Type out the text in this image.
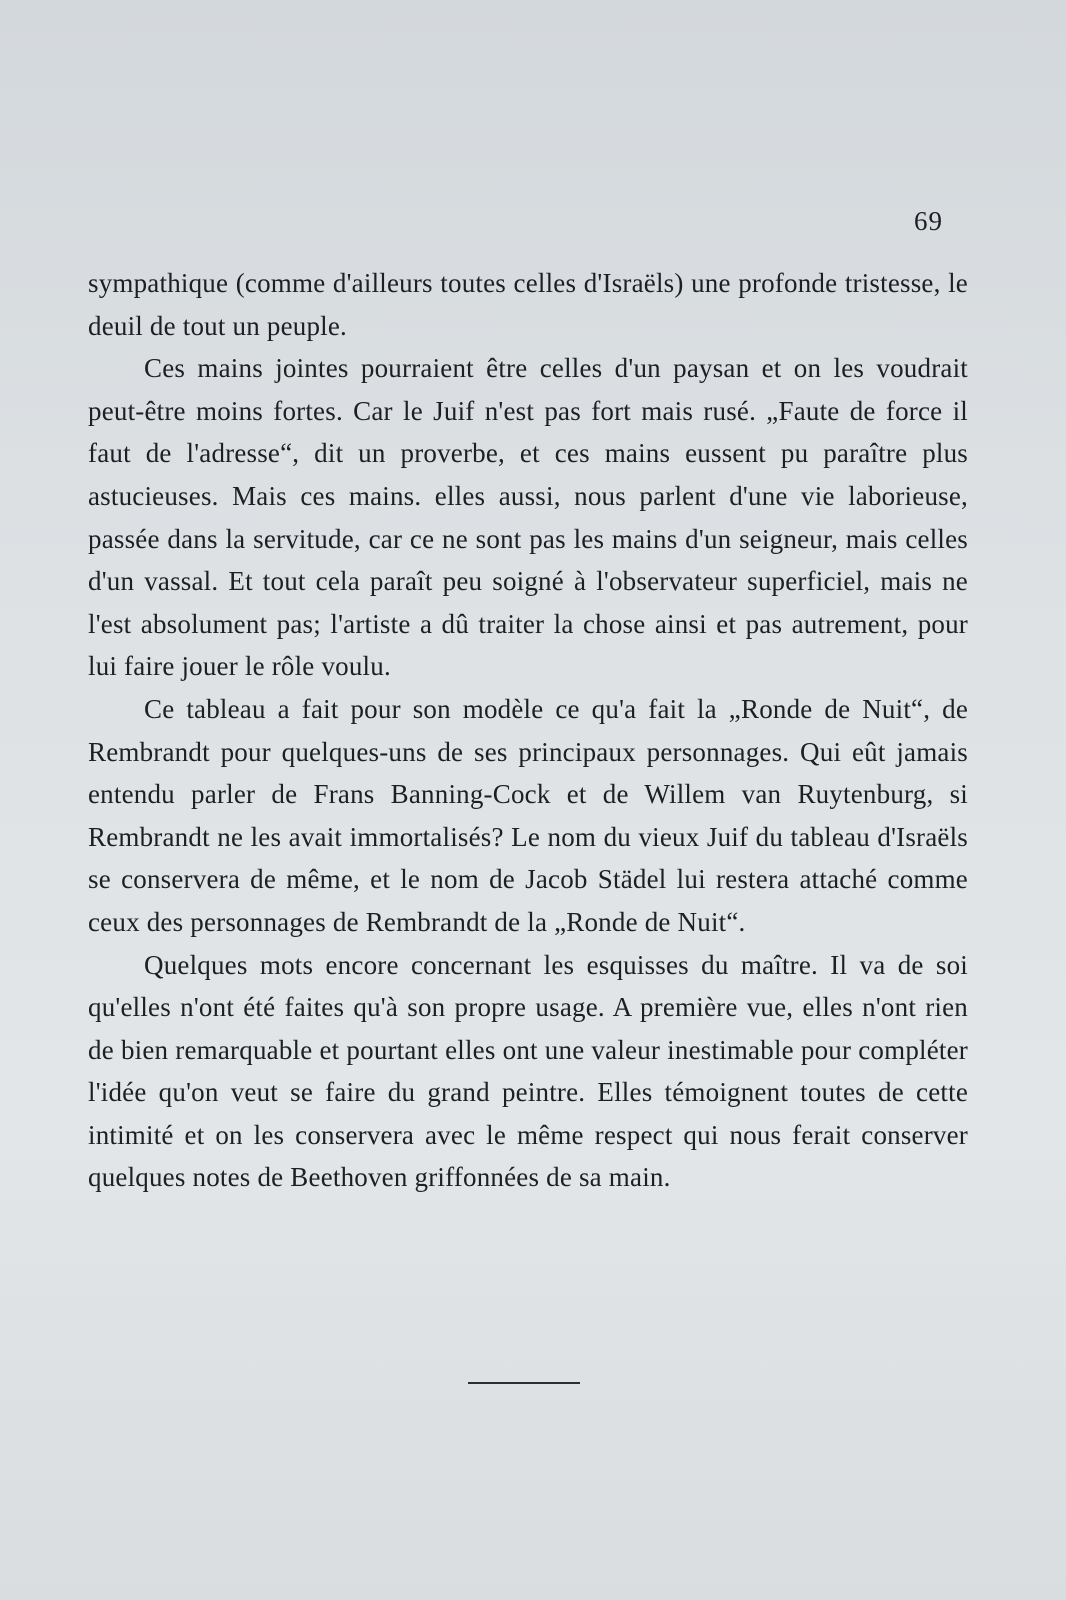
69

sympathique (comme d'ailleurs toutes celles d'Israëls) une profonde tristesse, le deuil de tout un peuple.

Ces mains jointes pourraient être celles d'un paysan et on les voudrait peut-être moins fortes. Car le Juif n'est pas fort mais rusé. „Faute de force il faut de l'adresse“, dit un proverbe, et ces mains eussent pu paraître plus astucieuses. Mais ces mains. elles aussi, nous parlent d'une vie laborieuse, passée dans la servitude, car ce ne sont pas les mains d'un seigneur, mais celles d'un vassal. Et tout cela paraît peu soigné à l'observateur superficiel, mais ne l'est absolument pas; l'artiste a dû traiter la chose ainsi et pas autrement, pour lui faire jouer le rôle voulu.

Ce tableau a fait pour son modèle ce qu'a fait la „Ronde de Nuit“, de Rembrandt pour quelques-uns de ses principaux personnages. Qui eût jamais entendu parler de Frans Banning-Cock et de Willem van Ruytenburg, si Rembrandt ne les avait immortalisés? Le nom du vieux Juif du tableau d'Israëls se conservera de même, et le nom de Jacob Städel lui restera attaché comme ceux des personnages de Rembrandt de la „Ronde de Nuit“.

Quelques mots encore concernant les esquisses du maître. Il va de soi qu'elles n'ont été faites qu'à son propre usage. A première vue, elles n'ont rien de bien remarquable et pourtant elles ont une valeur inestimable pour compléter l'idée qu'on veut se faire du grand peintre. Elles témoignent toutes de cette intimité et on les conservera avec le même respect qui nous ferait conserver quelques notes de Beethoven griffonnées de sa main.
